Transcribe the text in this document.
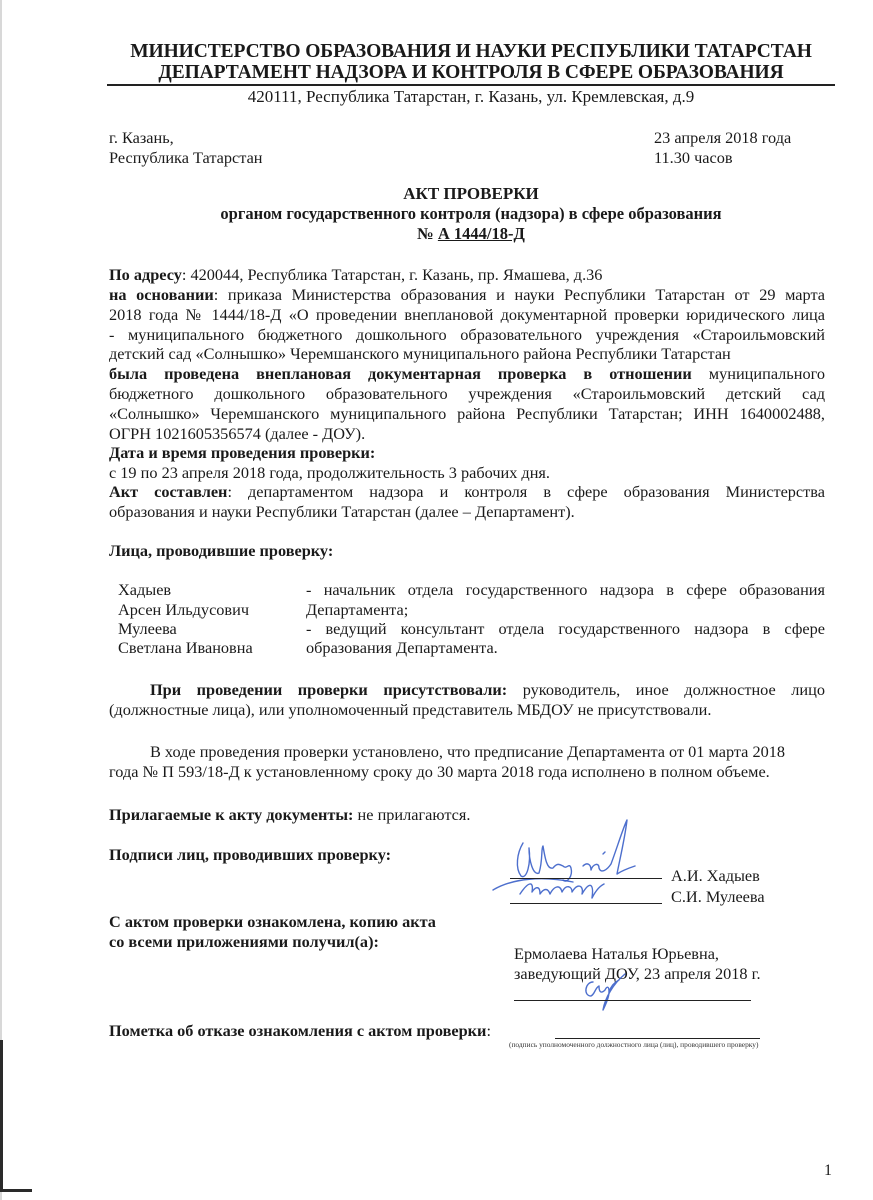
МИНИСТЕРСТВО ОБРАЗОВАНИЯ И НАУКИ РЕСПУБЛИКИ ТАТАРСТАН
ДЕПАРТАМЕНТ НАДЗОРА И КОНТРОЛЯ В СФЕРЕ ОБРАЗОВАНИЯ
420111, Республика Татарстан, г. Казань, ул. Кремлевская, д.9
г. Казань,
Республика Татарстан
23 апреля 2018 года
11.30 часов
АКТ ПРОВЕРКИ
органом государственного контроля (надзора) в сфере образования
№ А 1444/18-Д
По адресу: 420044, Республика Татарстан, г. Казань, пр. Ямашева, д.36
на основании: приказа Министерства образования и науки Республики Татарстан от 29 марта
2018 года № 1444/18-Д «О проведении внеплановой документарной проверки юридического лица
- муниципального бюджетного дошкольного образовательного учреждения «Староильмовский
детский сад «Солнышко» Черемшанского муниципального района Республики Татарстан
была проведена внеплановая документарная проверка в отношении муниципального
бюджетного дошкольного образовательного учреждения «Староильмовский детский сад
«Солнышко» Черемшанского муниципального района Республики Татарстан; ИНН 1640002488,
ОГРН 1021605356574 (далее - ДОУ).
Дата и время проведения проверки:
с 19 по 23 апреля 2018 года, продолжительность 3 рабочих дня.
Акт составлен: департаментом надзора и контроля в сфере образования Министерства
образования и науки Республики Татарстан (далее – Департамент).
Лица, проводившие проверку:
Хадыев
Арсен Ильдусович
- начальник отдела государственного надзора в сфере образования
Департамента;
Мулеева
Светлана Ивановна
- ведущий консультант отдела государственного надзора в сфере
образования Департамента.
При проведении проверки присутствовали: руководитель, иное должностное лицо
(должностные лица), или уполномоченный представитель МБДОУ не присутствовали.
В ходе проведения проверки установлено, что предписание Департамента от 01 марта 2018
года № П 593/18-Д к установленному сроку до 30 марта 2018 года исполнено в полном объеме.
Прилагаемые к акту документы: не прилагаются.
Подписи лиц, проводивших проверку:
А.И. Хадыев
С.И. Мулеева
С актом проверки ознакомлена, копию акта
со всеми приложениями получил(а):
Ермолаева Наталья Юрьевна,
заведующий ДОУ, 23 апреля 2018 г.
Пометка об отказе ознакомления с актом проверки:
(подпись уполномоченного должностного лица (лиц), проводившего проверку)
1
